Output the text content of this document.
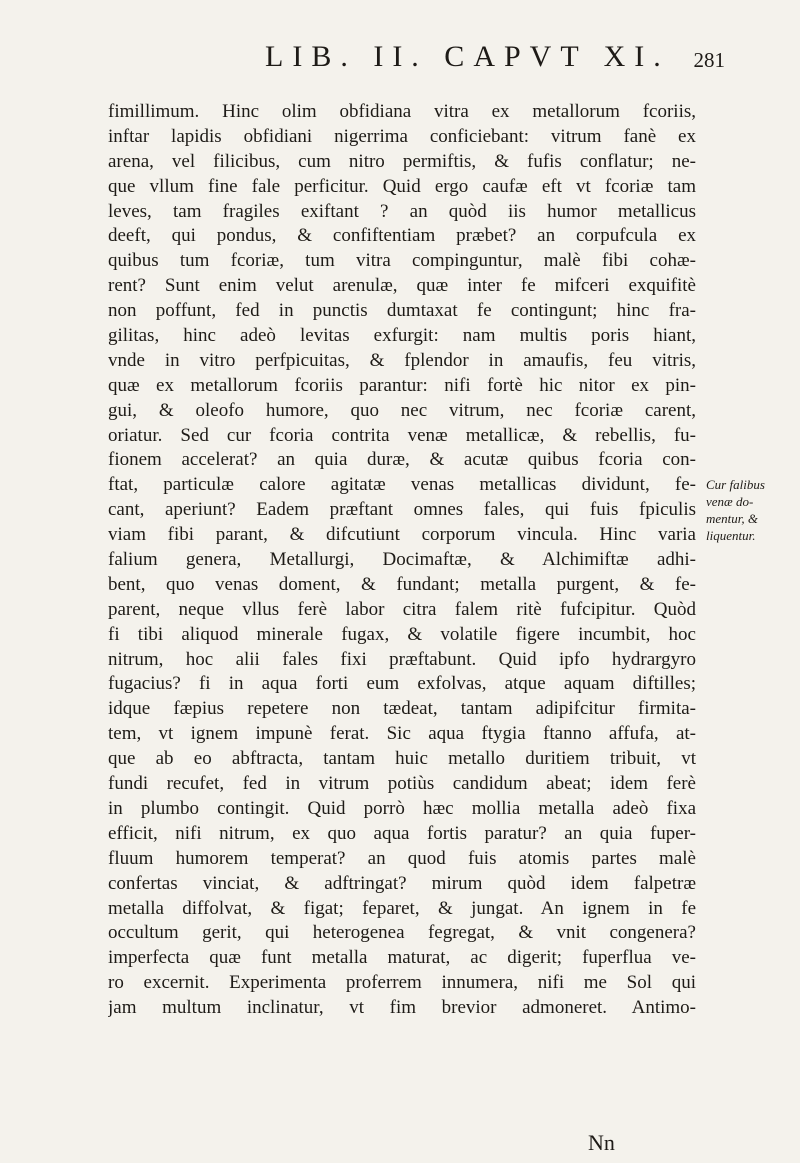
LIB. II. CAPVT XI. 281
fimillimum. Hinc olim obfidiana vitra ex metallorum fcoriis,
inftar lapidis obfidiani nigerrima conficiebant: vitrum fanè ex
arena, vel filicibus, cum nitro permiftis, & fufis conflatur; ne-
que vllum fine fale perficitur. Quid ergo caufæ eft vt fcoriæ tam
leves, tam fragiles exiftant ? an quòd iis humor metallicus
deeft, qui pondus, & confiftentiam præbet? an corpufcula ex
quibus tum fcoriæ, tum vitra compinguntur, malè fibi cohæ-
rent? Sunt enim velut arenulæ, quæ inter fe mifceri exquifitè
non poffunt, fed in punctis dumtaxat fe contingunt; hinc fra-
gilitas, hinc adeò levitas exfurgit: nam multis poris hiant,
vnde in vitro perfpicuitas, & fplendor in amaufis, feu vitris,
quæ ex metallorum fcoriis parantur: nifi fortè hic nitor ex pin-
gui, & oleofo humore, quo nec vitrum, nec fcoriæ carent,
oriatur. Sed cur fcoria contrita venæ metallicæ, & rebellis, fu-
fionem accelerat? an quia duræ, & acutæ quibus fcoria con-
ftat, particulæ calore agitatæ venas metallicas dividunt, fe-
cant, aperiunt? Eadem præftant omnes fales, qui fuis fpiculis
viam fibi parant, & difcutiunt corporum vincula. Hinc varia
falium genera, Metallurgi, Docimaftæ, & Alchimiftæ adhi-
bent, quo venas doment, & fundant; metalla purgent, & fe-
parent, neque vllus ferè labor citra falem ritè fufcipitur. Quòd
fi tibi aliquod minerale fugax, & volatile figere incumbit, hoc
nitrum, hoc alii fales fixi præftabunt. Quid ipfo hydrargyro
fugacius? fi in aqua forti eum exfolvas, atque aquam diftilles;
idque fæpius repetere non tædeat, tantam adipifcitur firmita-
tem, vt ignem impunè ferat. Sic aqua ftygia ftanno affufa, at-
que ab eo abftracta, tantam huic metallo duritiem tribuit, vt
fundi recufet, fed in vitrum potiùs candidum abeat; idem ferè
in plumbo contingit. Quid porrò hæc mollia metalla adeò fixa
efficit, nifi nitrum, ex quo aqua fortis paratur? an quia fuper-
fluum humorem temperat? an quod fuis atomis partes malè
confertas vinciat, & adftringat? mirum quòd idem falpetræ
metalla diffolvat, & figat; feparet, & jungat. An ignem in fe
occultum gerit, qui heterogenea fegregat, & vnit congenera?
imperfecta quæ funt metalla maturat, ac digerit; fuperflua ve-
ro excernit. Experimenta proferrem innumera, nifi me Sol qui
jam multum inclinatur, vt fim brevior admoneret. Antimo-
Cur falibus
venæ do-
mentur, &
liquentur.
Nn
